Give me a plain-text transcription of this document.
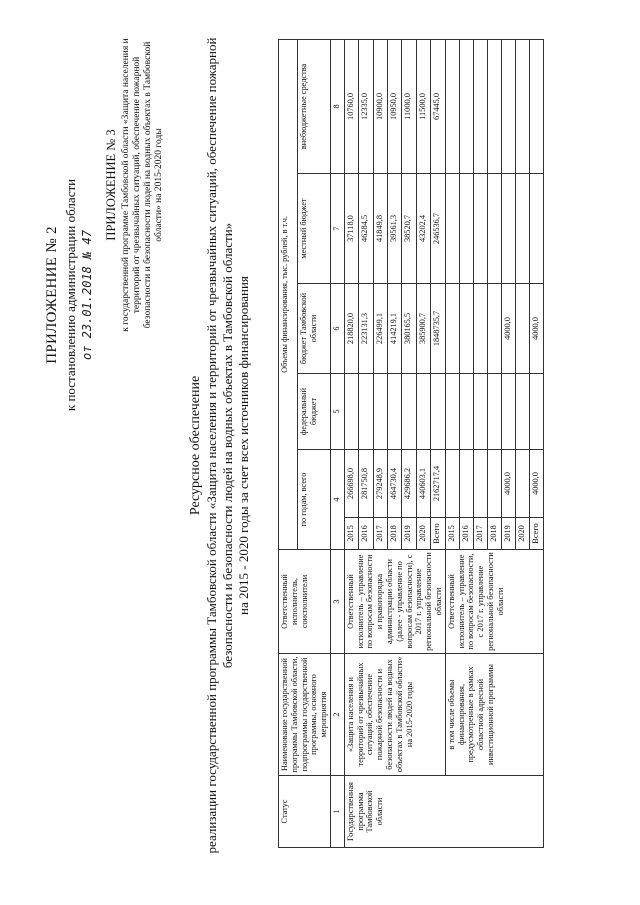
ПРИЛОЖЕНИЕ № 2 к постановлению администрации области от 23.01.2018 № 47
ПРИЛОЖЕНИЕ № 3 к государственной программе Тамбовской области «Защита населения и территорий от чрезвычайных ситуаций, обеспечение пожарной безопасности и безопасности людей на водных объектах в Тамбовской области» на 2015-2020 годы
Ресурсное обеспечение реализации государственной программы Тамбовской области «Защита населения и территорий от чрезвычайных ситуаций, обеспечение пожарной безопасности и безопасности людей на водных объектах в Тамбовской области» на 2015 - 2020 годы за счет всех источников финансирования
Статус	Наименование государственной программы Тамбовской области, подпрограммы государственной программы, основного мероприятия	Ответственный исполнитель, соисполнители	Объемы финансирования, тыс. рублей, в т.ч.					
			по годам, всего		федеральный бюджет	бюджет Тамбовской области	местный бюджет	внебюджетные средства
1	2	3	4		5	6	7	8
Государственная программа Тамбовской области	«Защита населения и территорий от чрезвычайных ситуаций, обеспечение пожарной безопасности и безопасности людей на водных объектах в Тамбовской области» на 2015-2020 годы	Ответственный исполнитель – управление по вопросам безопасности и правопорядка администрации области (далее - управление по вопросам безопасности), с 2017 г. управление региональной безопасности области	2015	266698,0		218820,0	37118,0	10760,0
			2016	281750,8		223131,3	46284,5	12335,0
			2017	279248,9		226499,1	41849,8	10900,0
			2018	464730,4		414219,1	39561,3	10950,0
			2019	429686,2		380165,5	38520,7	11000,0
			2020	440603,1		385900,7	43202,4	11500,0
			Всего	2162717,4		1848735,7	246536,7	67445,0
	в том числе объемы финансирования, предусмотренные в рамках областной адресной инвестиционной программы	Ответственный исполнитель – управление по вопросам безопасности, с 2017 г. управление региональной безопасности области	2015					
			2016					
			2017					
			2018					
			2019	4000,0		4000,0		
			2020					
			Всего	4000,0		4000,0		
